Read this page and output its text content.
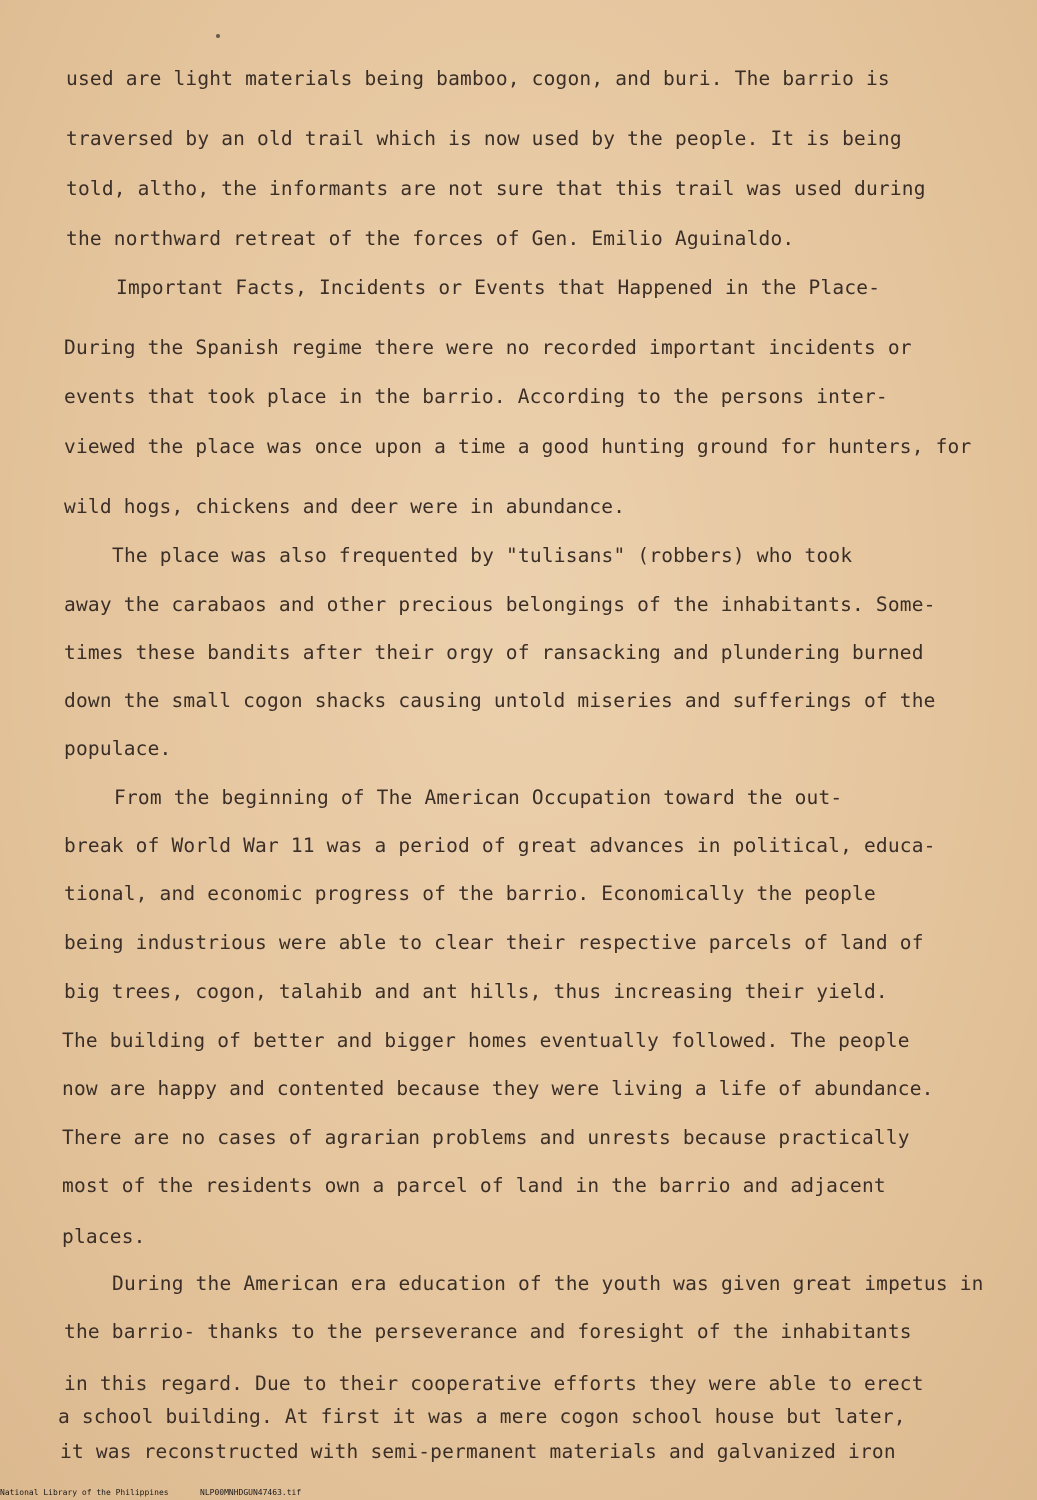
used are light materials being bamboo, cogon, and buri. The barrio is
traversed by an old trail which is now used by the people. It is being
told, altho, the informants are not sure that this trail was used during
the northward retreat of the forces of Gen. Emilio Aguinaldo.
Important Facts, Incidents or Events that Happened in the Place-
During the Spanish regime there were no recorded important incidents or
events that took place in the barrio. According to the persons inter-
viewed the place was once upon a time a good hunting ground for hunters, for
wild hogs, chickens and deer were in abundance.
The place was also frequented by "tulisans" (robbers) who took
away the carabaos and other precious belongings of the inhabitants. Some-
times these bandits after their orgy of ransacking and plundering burned
down the small cogon shacks causing untold miseries and sufferings of the
populace.
From the beginning of The American Occupation toward the out-
break of World War 11 was a period of great advances in political, educa-
tional, and economic progress of the barrio. Economically the people
being industrious were able to clear their respective parcels of land of
big trees, cogon, talahib and ant hills, thus increasing their yield.
The building of better and bigger homes eventually followed. The people
now are happy and contented because they were living a life of abundance.
There are no cases of agrarian problems and unrests because practically
most of the residents own a parcel of land in the barrio and adjacent
places.
During the American era education of the youth was given great impetus in
the barrio- thanks to the perseverance and foresight of the inhabitants
in this regard. Due to their cooperative efforts they were able to erect
a school building. At first it was a mere cogon school house but later,
it was reconstructed with semi-permanent materials and galvanized iron
National Library of the Philippines	NLP00MNHDGUN47463.tif
